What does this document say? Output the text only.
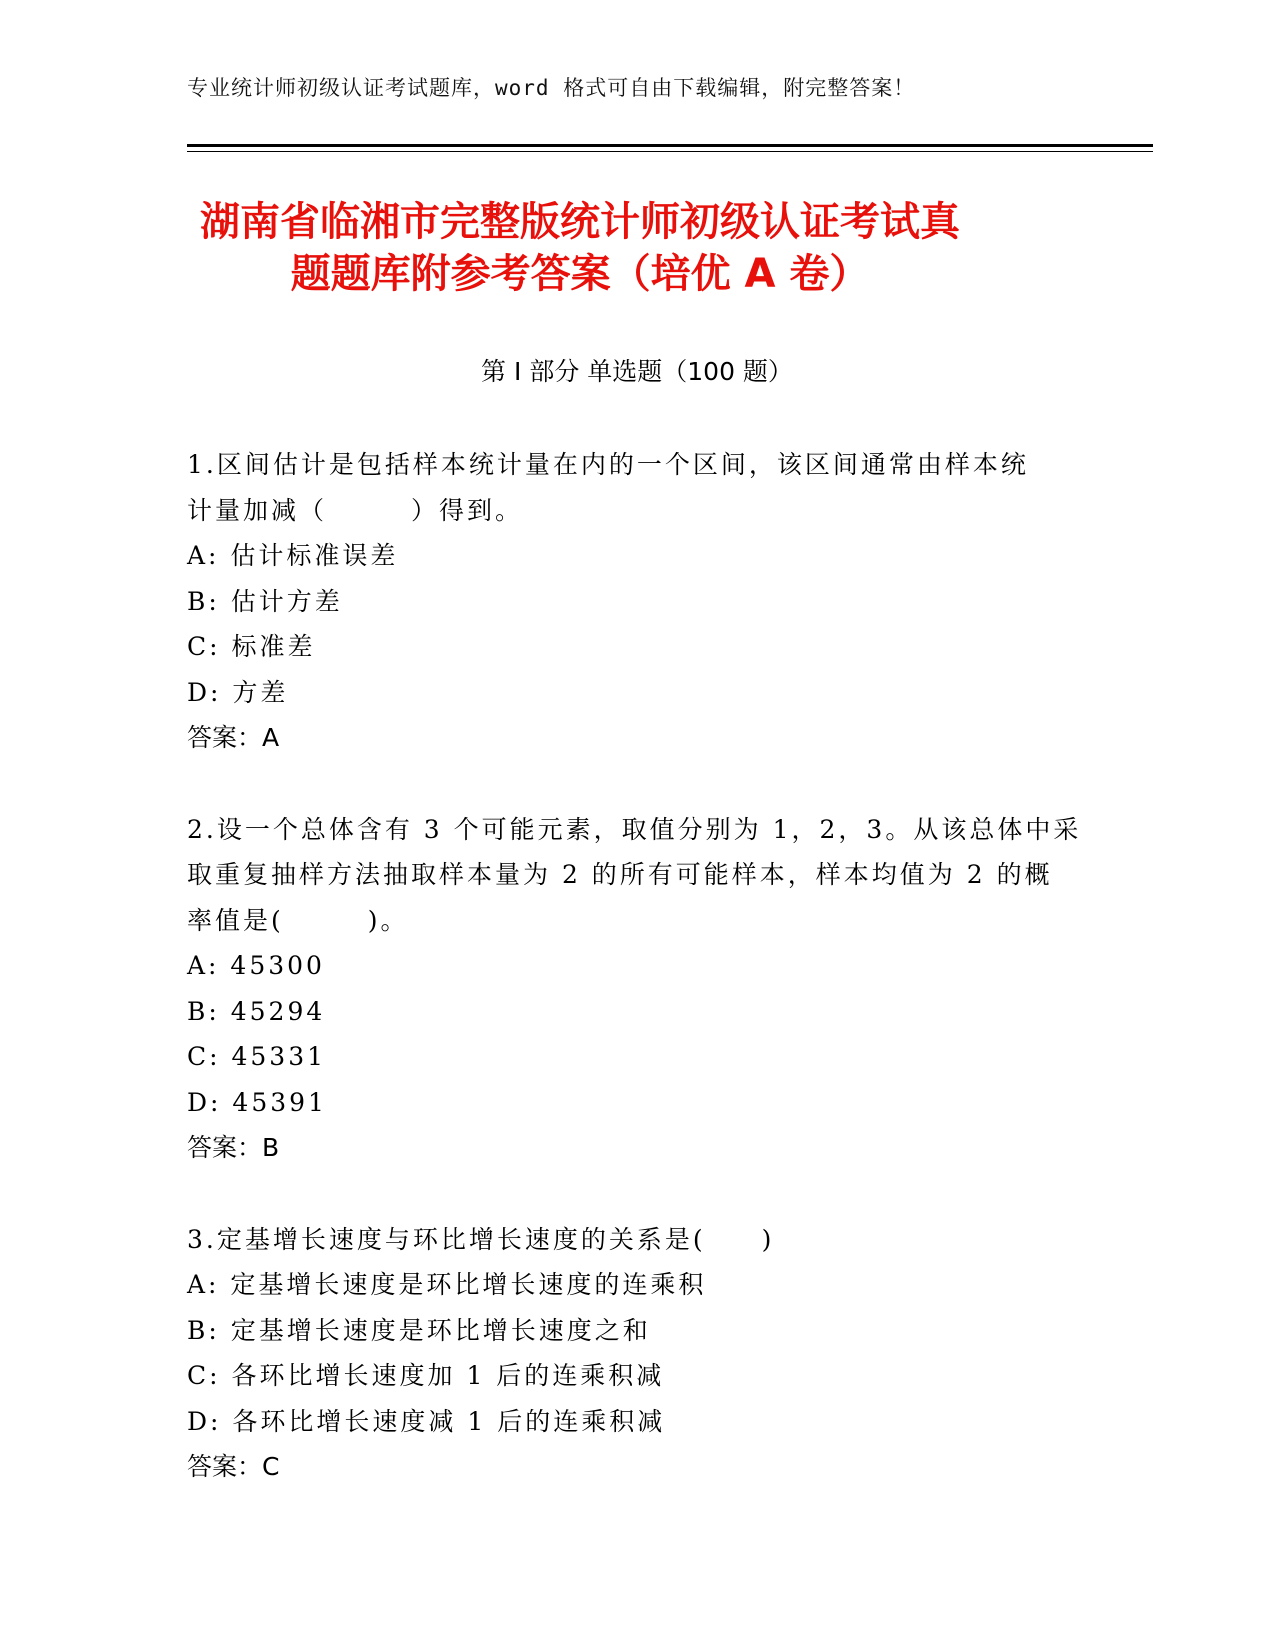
专业统计师初级认证考试题库，word 格式可自由下载编辑，附完整答案！
湖南省临湘市完整版统计师初级认证考试真
题题库附参考答案（培优 A 卷）
第 I 部分 单选题（100 题）
1.区间估计是包括样本统计量在内的一个区间，该区间通常由样本统
计量加减（　　　）得到。
A: 估计标准误差
B: 估计方差
C: 标准差
D: 方差
答案：A
2.设一个总体含有 3 个可能元素，取值分别为 1，2，3。从该总体中采
取重复抽样方法抽取样本量为 2 的所有可能样本，样本均值为 2 的概
率值是(　　　)。
A: 45300
B: 45294
C: 45331
D: 45391
答案：B
3.定基增长速度与环比增长速度的关系是(　　)
A: 定基增长速度是环比增长速度的连乘积
B: 定基增长速度是环比增长速度之和
C: 各环比增长速度加 1 后的连乘积减
D: 各环比增长速度减 1 后的连乘积减
答案：C
